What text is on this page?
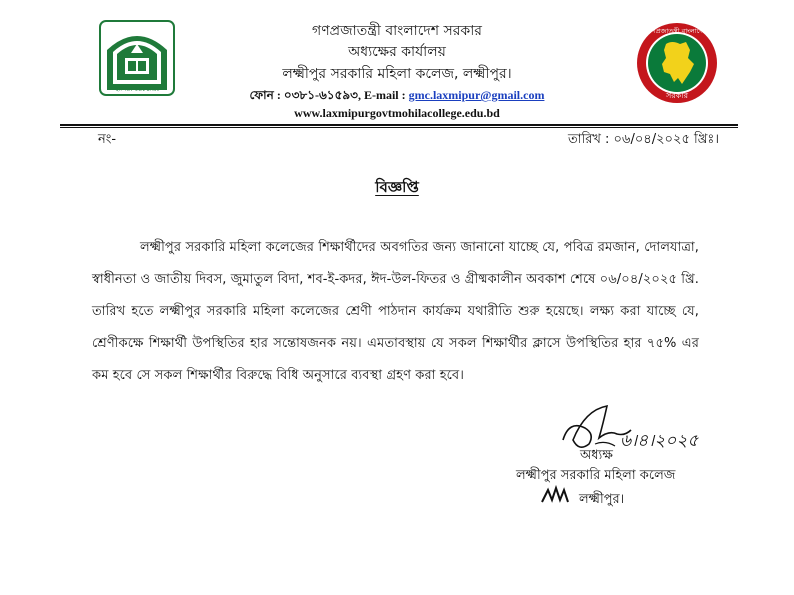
স্থাপিত: ১৯৮৪খ্রিঃ
সরকার
গণপ্রজাতন্ত্রী বাংলাদেশ
গণপ্রজাতন্ত্রী বাংলাদেশ সরকার
অধ্যক্ষের কার্যালয়
লক্ষ্মীপুর সরকারি মহিলা কলেজ, লক্ষ্মীপুর।
ফোন : ০৩৮১-৬১৫৯৩, E-mail : gmc.laxmipur@gmail.com
www.laxmipurgovtmohilacollege.edu.bd
নং-	তারিখ : ০৬/০৪/২০২৫ খ্রিঃ।
বিজ্ঞপ্তি
লক্ষ্মীপুর সরকারি মহিলা কলেজের শিক্ষার্থীদের অবগতির জন্য জানানো যাচ্ছে যে, পবিত্র রমজান, দোলযাত্রা, স্বাধীনতা ও জাতীয় দিবস, জুমাতুল বিদা, শব-ই-কদর, ঈদ-উল-ফিতর ও গ্রীষ্মকালীন অবকাশ শেষে ০৬/০৪/২০২৫ খ্রি. তারিখ হতে লক্ষ্মীপুর সরকারি মহিলা কলেজের শ্রেণী পাঠদান কার্যক্রম যথারীতি শুরু হয়েছে। লক্ষ্য করা যাচ্ছে যে, শ্রেণীকক্ষে শিক্ষার্থী উপস্থিতির হার সন্তোষজনক নয়। এমতাবস্থায় যে সকল শিক্ষার্থীর ক্লাসে উপস্থিতির হার ৭৫% এর কম হবে সে সকল শিক্ষার্থীর বিরুদ্ধে বিধি অনুসারে ব্যবস্থা গ্রহণ করা হবে।
৬।৪।২০২৫
অধ্যক্ষ
লক্ষ্মীপুর সরকারি মহিলা কলেজ
লক্ষ্মীপুর।
